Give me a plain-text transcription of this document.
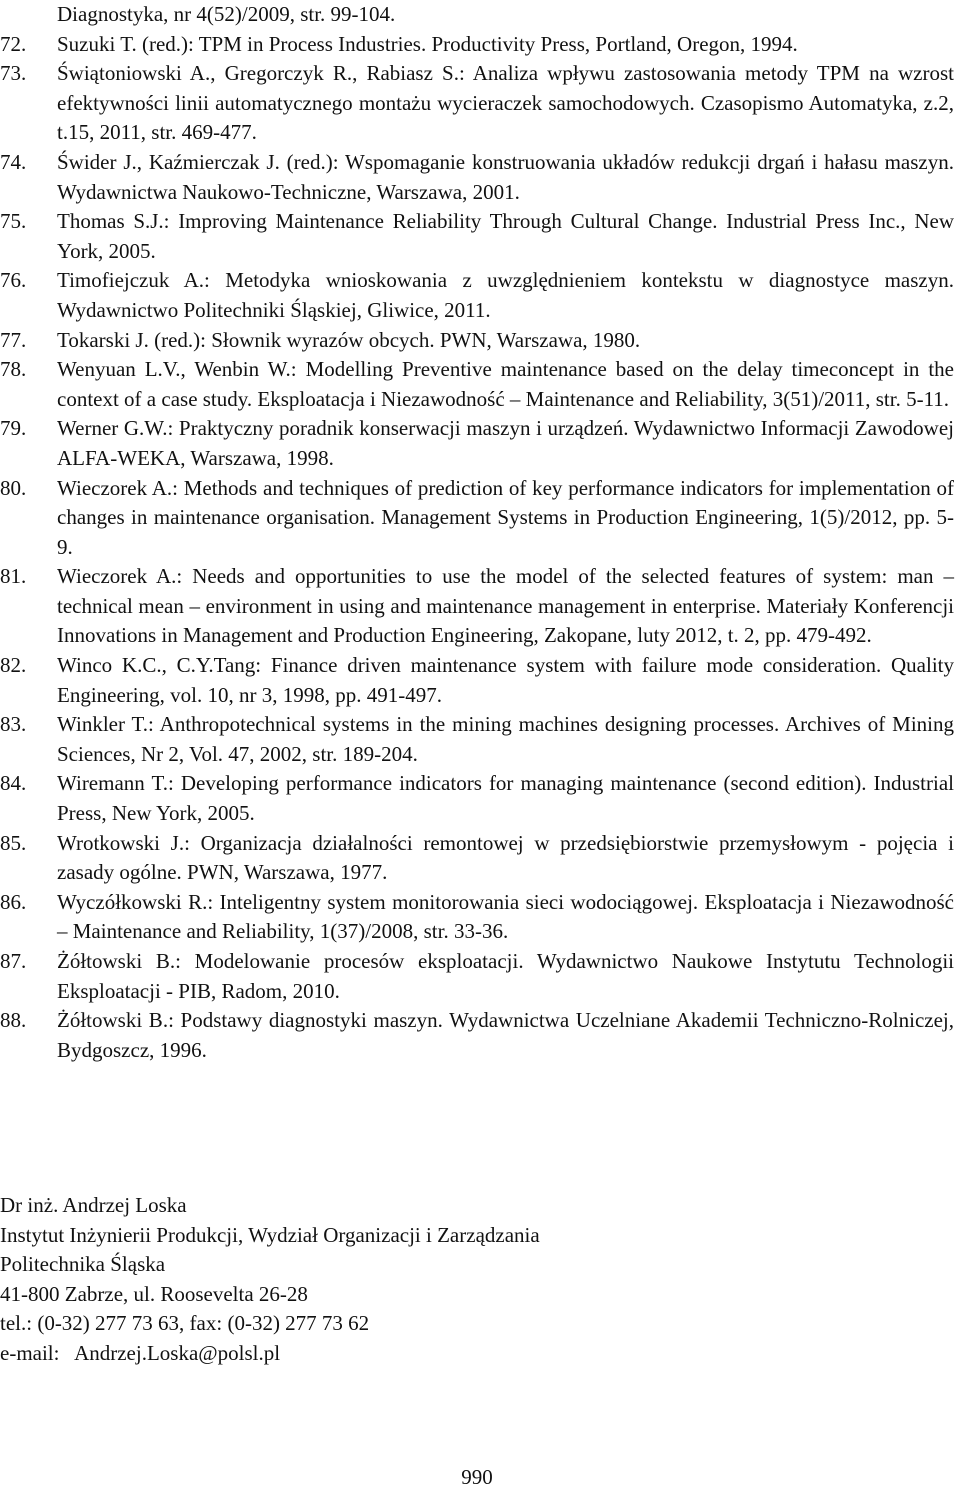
Diagnostyka, nr 4(52)/2009, str. 99-104.
72.	Suzuki T. (red.): TPM in Process Industries. Productivity Press, Portland, Oregon, 1994.
73.	Świątoniowski A., Gregorczyk R., Rabiasz S.: Analiza wpływu zastosowania metody TPM na wzrost efektywności linii automatycznego montażu wycieraczek samochodowych. Czasopismo Automatyka, z.2, t.15, 2011, str. 469-477.
74.	Świder J., Kaźmierczak J. (red.): Wspomaganie konstruowania układów redukcji drgań i hałasu maszyn. Wydawnictwa Naukowo-Techniczne, Warszawa, 2001.
75.	Thomas S.J.: Improving Maintenance Reliability Through Cultural Change. Industrial Press Inc., New York, 2005.
76.	Timofiejczuk A.: Metodyka wnioskowania z uwzględnieniem kontekstu w diagnostyce maszyn. Wydawnictwo Politechniki Śląskiej, Gliwice, 2011.
77.	Tokarski J. (red.): Słownik wyrazów obcych. PWN, Warszawa, 1980.
78.	Wenyuan L.V., Wenbin W.: Modelling Preventive maintenance based on the delay timeconcept in the context of a case study. Eksploatacja i Niezawodność – Maintenance and Reliability, 3(51)/2011, str. 5-11.
79.	Werner G.W.: Praktyczny poradnik konserwacji maszyn i urządzeń. Wydawnictwo Informacji Zawodowej ALFA-WEKA, Warszawa, 1998.
80.	Wieczorek A.: Methods and techniques of prediction of key performance indicators for implementation of changes in maintenance organisation. Management Systems in Production Engineering, 1(5)/2012, pp. 5-9.
81.	Wieczorek A.: Needs and opportunities to use the model of the selected features of system: man – technical mean – environment in using and maintenance management in enterprise. Materiały Konferencji Innovations in Management and Production Engineering, Zakopane, luty 2012, t. 2, pp. 479-492.
82.	Winco K.C., C.Y.Tang: Finance driven maintenance system with failure mode consideration. Quality Engineering, vol. 10, nr 3, 1998, pp. 491-497.
83.	Winkler T.: Anthropotechnical systems in the mining machines designing processes. Archives of Mining Sciences, Nr 2, Vol. 47, 2002, str. 189-204.
84.	Wiremann T.: Developing performance indicators for managing maintenance (second edition). Industrial Press, New York, 2005.
85.	Wrotkowski J.: Organizacja działalności remontowej w przedsiębiorstwie przemysłowym - pojęcia i zasady ogólne. PWN, Warszawa, 1977.
86.	Wyczółkowski R.: Inteligentny system monitorowania sieci wodociągowej. Eksploatacja i Niezawodność – Maintenance and Reliability, 1(37)/2008, str. 33-36.
87.	Żółtowski B.: Modelowanie procesów eksploatacji. Wydawnictwo Naukowe Instytutu Technologii Eksploatacji - PIB, Radom, 2010.
88.	Żółtowski B.: Podstawy diagnostyki maszyn. Wydawnictwa Uczelniane Akademii Techniczno-Rolniczej, Bydgoszcz, 1996.
Dr inż. Andrzej Loska
Instytut Inżynierii Produkcji, Wydział Organizacji i Zarządzania
Politechnika Śląska
41-800 Zabrze, ul. Roosevelta 26-28
tel.: (0-32) 277 73 63, fax: (0-32) 277 73 62
e-mail:   Andrzej.Loska@polsl.pl
990
